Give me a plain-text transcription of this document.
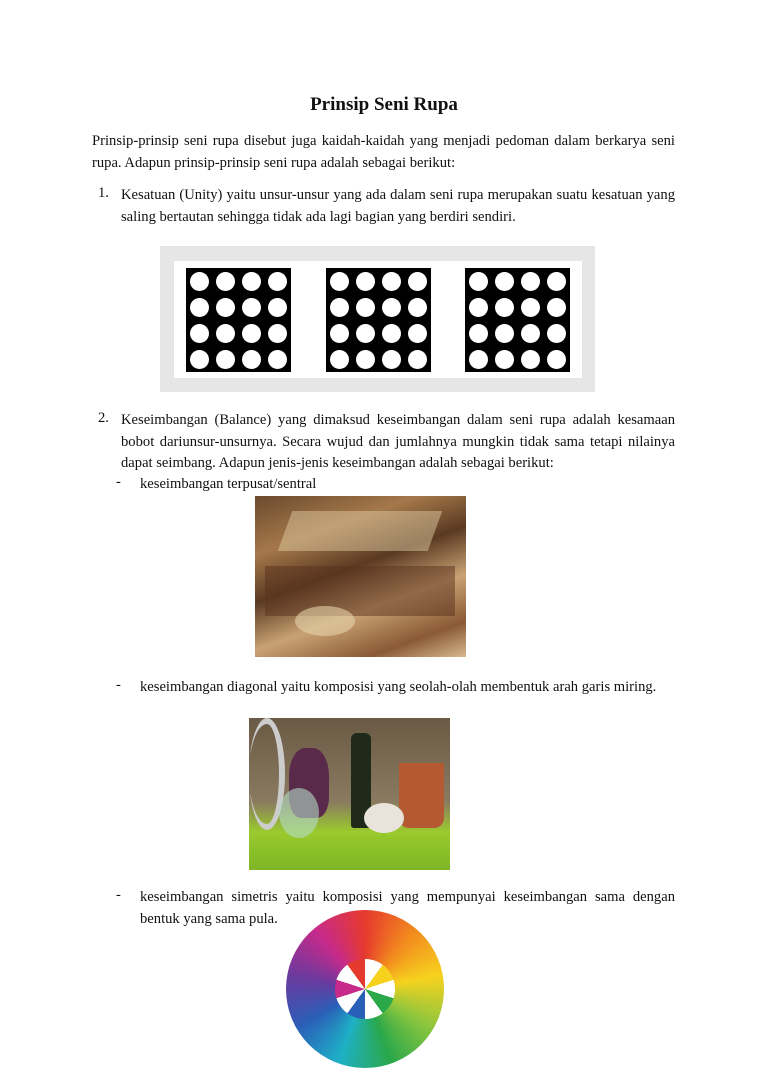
Prinsip Seni Rupa
Prinsip-prinsip seni rupa disebut juga kaidah-kaidah yang menjadi pedoman dalam berkarya seni rupa. Adapun prinsip-prinsip seni rupa adalah sebagai berikut:
1. Kesatuan (Unity) yaitu unsur-unsur yang ada dalam seni rupa merupakan suatu kesatuan yang saling bertautan sehingga tidak ada lagi bagian yang berdiri sendiri.
2. Keseimbangan (Balance) yang dimaksud keseimbangan dalam seni rupa adalah kesamaan bobot dariunsur-unsurnya. Secara wujud dan jumlahnya mungkin tidak sama tetapi nilainya dapat seimbang. Adapun jenis-jenis keseimbangan adalah sebagai berikut:
- keseimbangan terpusat/sentral
- keseimbangan diagonal yaitu komposisi yang seolah-olah membentuk arah garis miring.
- keseimbangan simetris yaitu komposisi yang mempunyai keseimbangan sama dengan bentuk yang sama pula.
